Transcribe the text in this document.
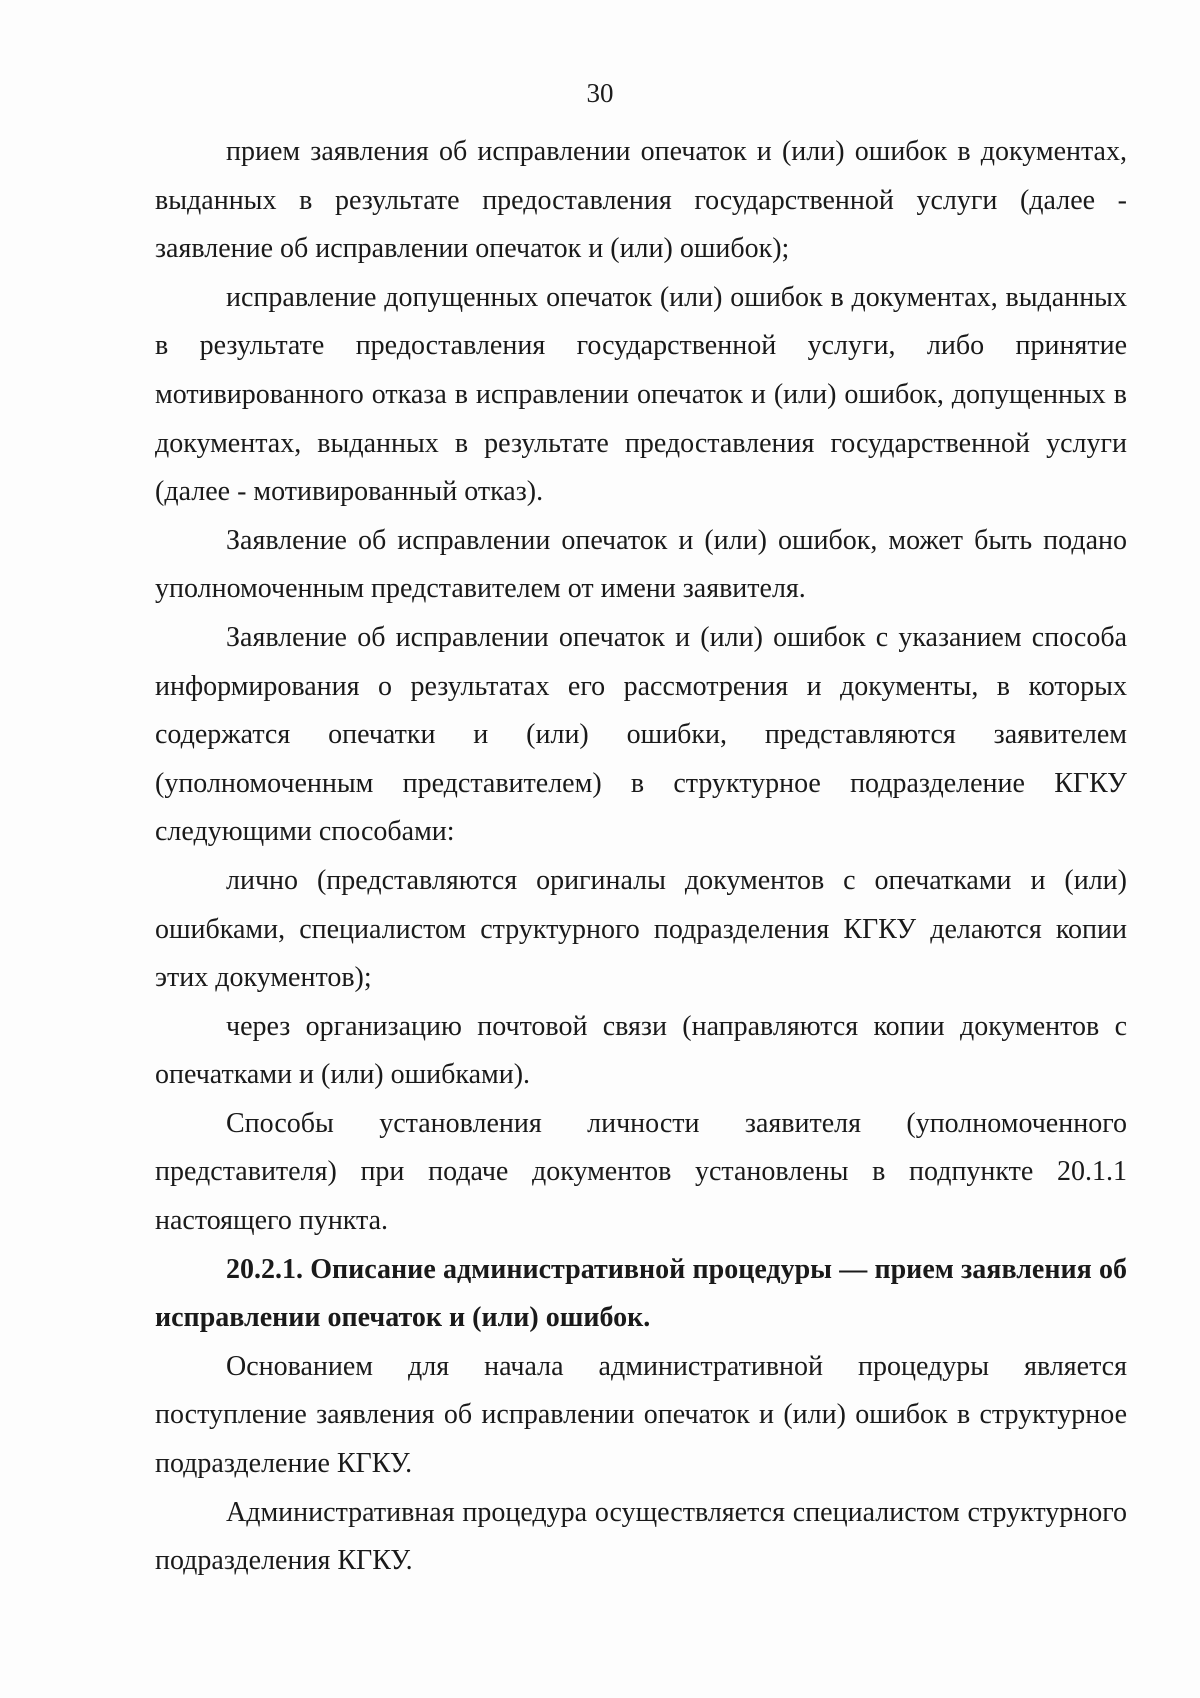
30

прием заявления об исправлении опечаток и (или) ошибок в документах, выданных в результате предоставления государственной услуги (далее - заявление об исправлении опечаток и (или) ошибок);

исправление допущенных опечаток (или) ошибок в документах, выданных в результате предоставления государственной услуги, либо принятие мотивированного отказа в исправлении опечаток и (или) ошибок, допущенных в документах, выданных в результате предоставления государственной услуги (далее - мотивированный отказ).

Заявление об исправлении опечаток и (или) ошибок, может быть подано уполномоченным представителем от имени заявителя.

Заявление об исправлении опечаток и (или) ошибок с указанием способа информирования о результатах его рассмотрения и документы, в которых содержатся опечатки и (или) ошибки, представляются заявителем (уполномоченным представителем) в структурное подразделение КГКУ следующими способами:

лично (представляются оригиналы документов с опечатками и (или) ошибками, специалистом структурного подразделения КГКУ делаются копии этих документов);

через организацию почтовой связи (направляются копии документов с опечатками и (или) ошибками).

Способы установления личности заявителя (уполномоченного представителя) при подаче документов установлены в подпункте 20.1.1 настоящего пункта.

20.2.1. Описание административной процедуры — прием заявления об исправлении опечаток и (или) ошибок.

Основанием для начала административной процедуры является поступление заявления об исправлении опечаток и (или) ошибок в структурное подразделение КГКУ.

Административная процедура осуществляется специалистом структурного подразделения КГКУ.
